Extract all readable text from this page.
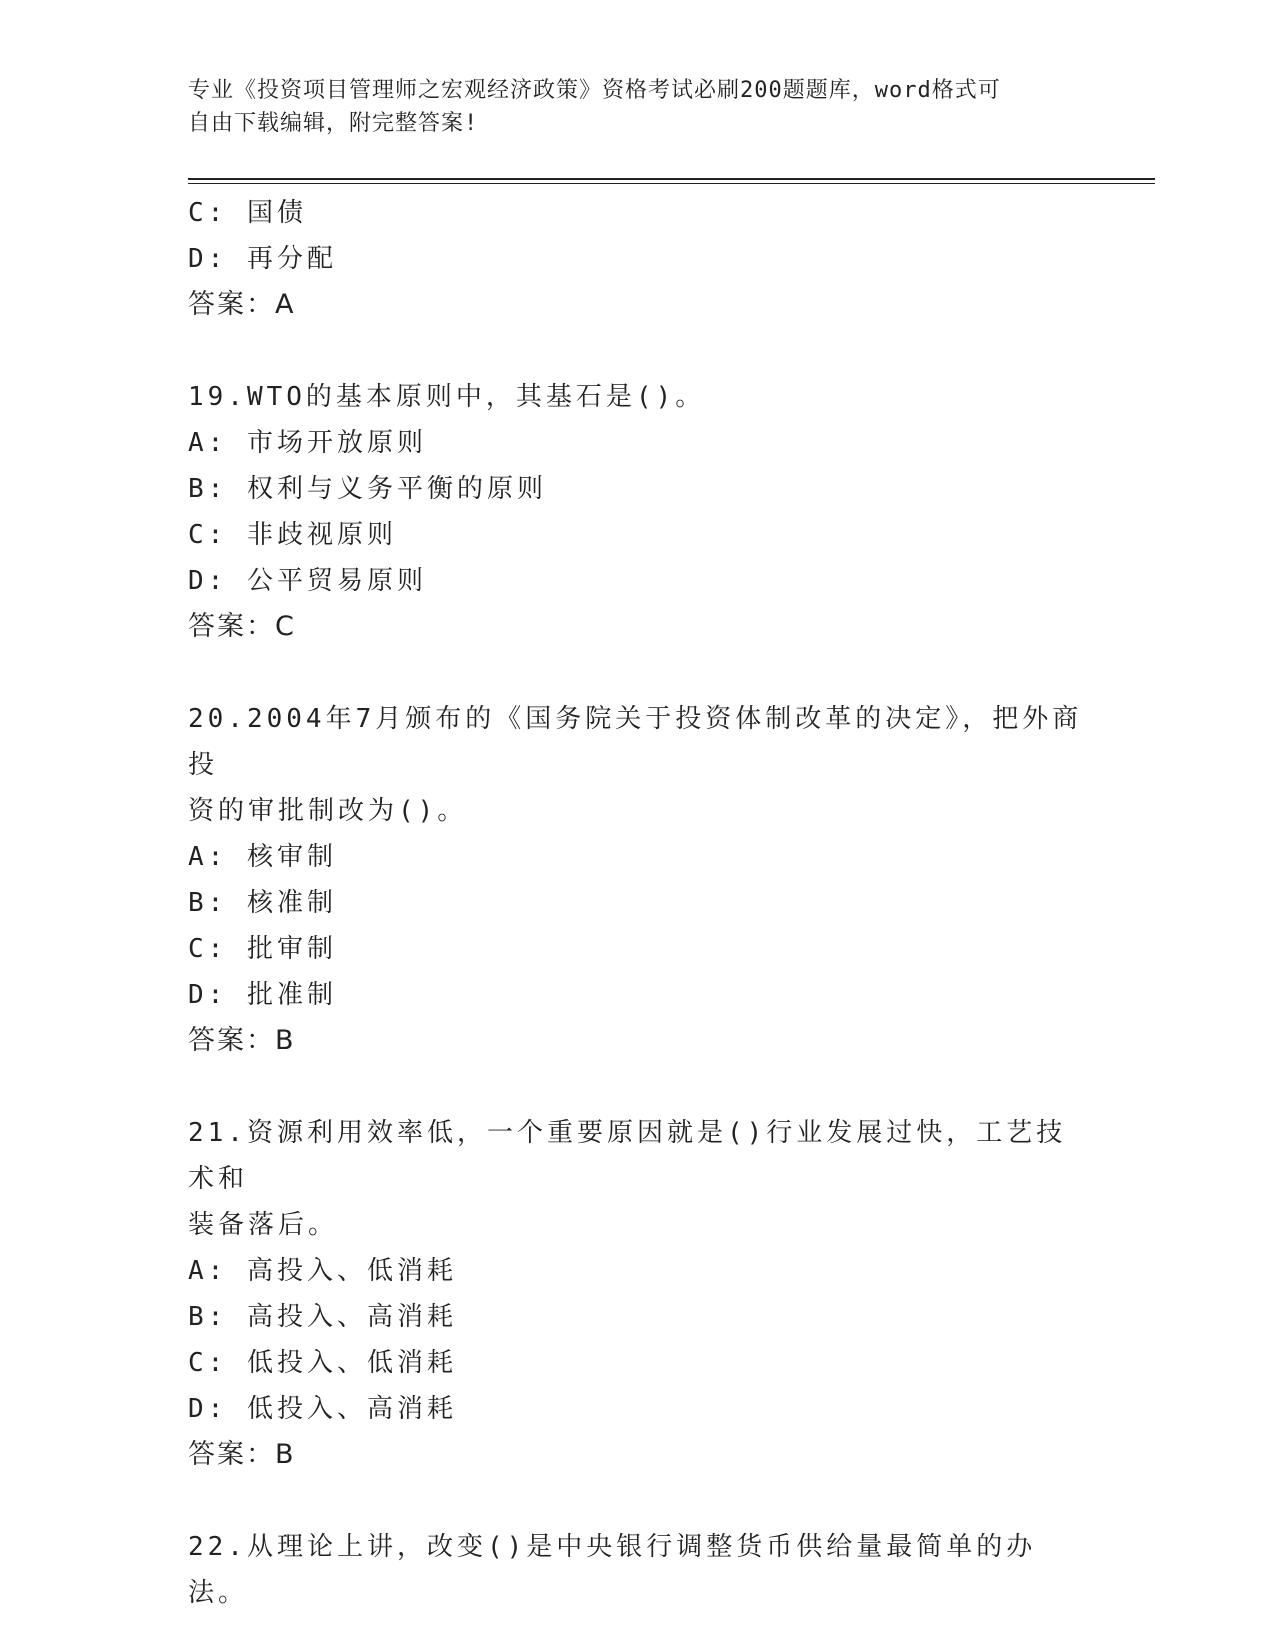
专业《投资项目管理师之宏观经济政策》资格考试必刷200题题库，word格式可
自由下载编辑，附完整答案!
C: 国债
D: 再分配
答案：A
19.WTO的基本原则中，其基石是()。
A: 市场开放原则
B: 权利与义务平衡的原则
C: 非歧视原则
D: 公平贸易原则
答案：C
20.2004年7月颁布的《国务院关于投资体制改革的决定》，把外商投
资的审批制改为()。
A: 核审制
B: 核准制
C: 批审制
D: 批准制
答案：B
21.资源利用效率低，一个重要原因就是()行业发展过快，工艺技术和
装备落后。
A: 高投入、低消耗
B: 高投入、高消耗
C: 低投入、低消耗
D: 低投入、高消耗
答案：B
22.从理论上讲，改变()是中央银行调整货币供给量最简单的办法。
